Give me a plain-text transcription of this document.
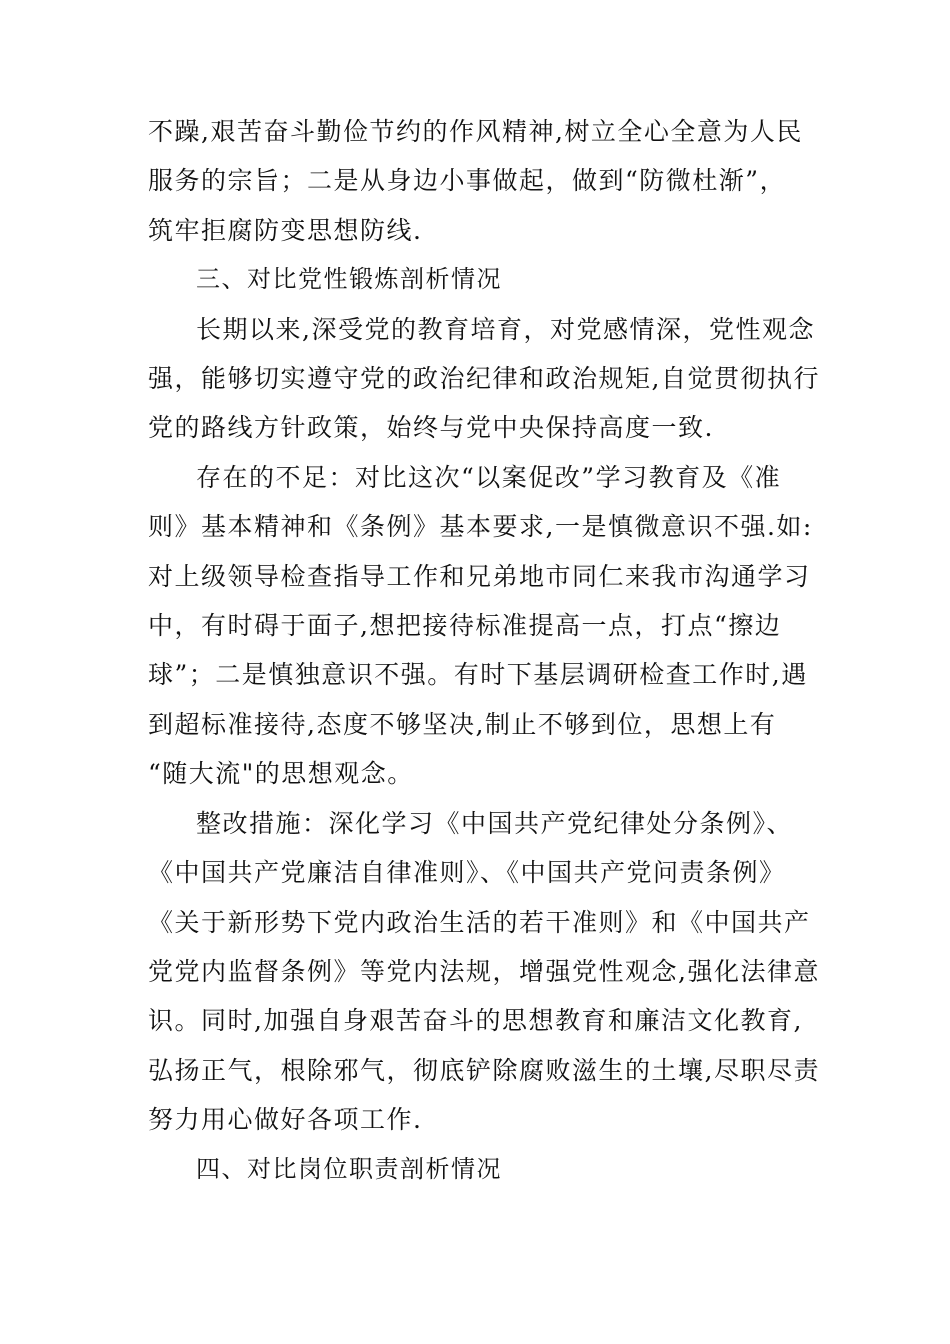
不躁,艰苦奋斗勤俭节约的作风精神,树立全心全意为人民
服务的宗旨；二是从身边小事做起，做到“防微杜渐”，
筑牢拒腐防变思想防线.

三、对比党性锻炼剖析情况

长期以来,深受党的教育培育，对党感情深，党性观念
强，能够切实遵守党的政治纪律和政治规矩,自觉贯彻执行
党的路线方针政策，始终与党中央保持高度一致.

存在的不足：对比这次“以案促改”学习教育及《准
则》基本精神和《条例》基本要求,一是慎微意识不强.如:
对上级领导检查指导工作和兄弟地市同仁来我市沟通学习
中，有时碍于面子,想把接待标准提高一点，打点“擦边
球”；二是慎独意识不强。有时下基层调研检查工作时,遇
到超标准接待,态度不够坚决,制止不够到位，思想上有
“随大流"的思想观念。

整改措施：深化学习《中国共产党纪律处分条例》、
《中国共产党廉洁自律准则》、《中国共产党问责条例》
《关于新形势下党内政治生活的若干准则》和《中国共产
党党内监督条例》等党内法规，增强党性观念,强化法律意
识。同时,加强自身艰苦奋斗的思想教育和廉洁文化教育,
弘扬正气，根除邪气，彻底铲除腐败滋生的土壤,尽职尽责
努力用心做好各项工作.

四、对比岗位职责剖析情况
